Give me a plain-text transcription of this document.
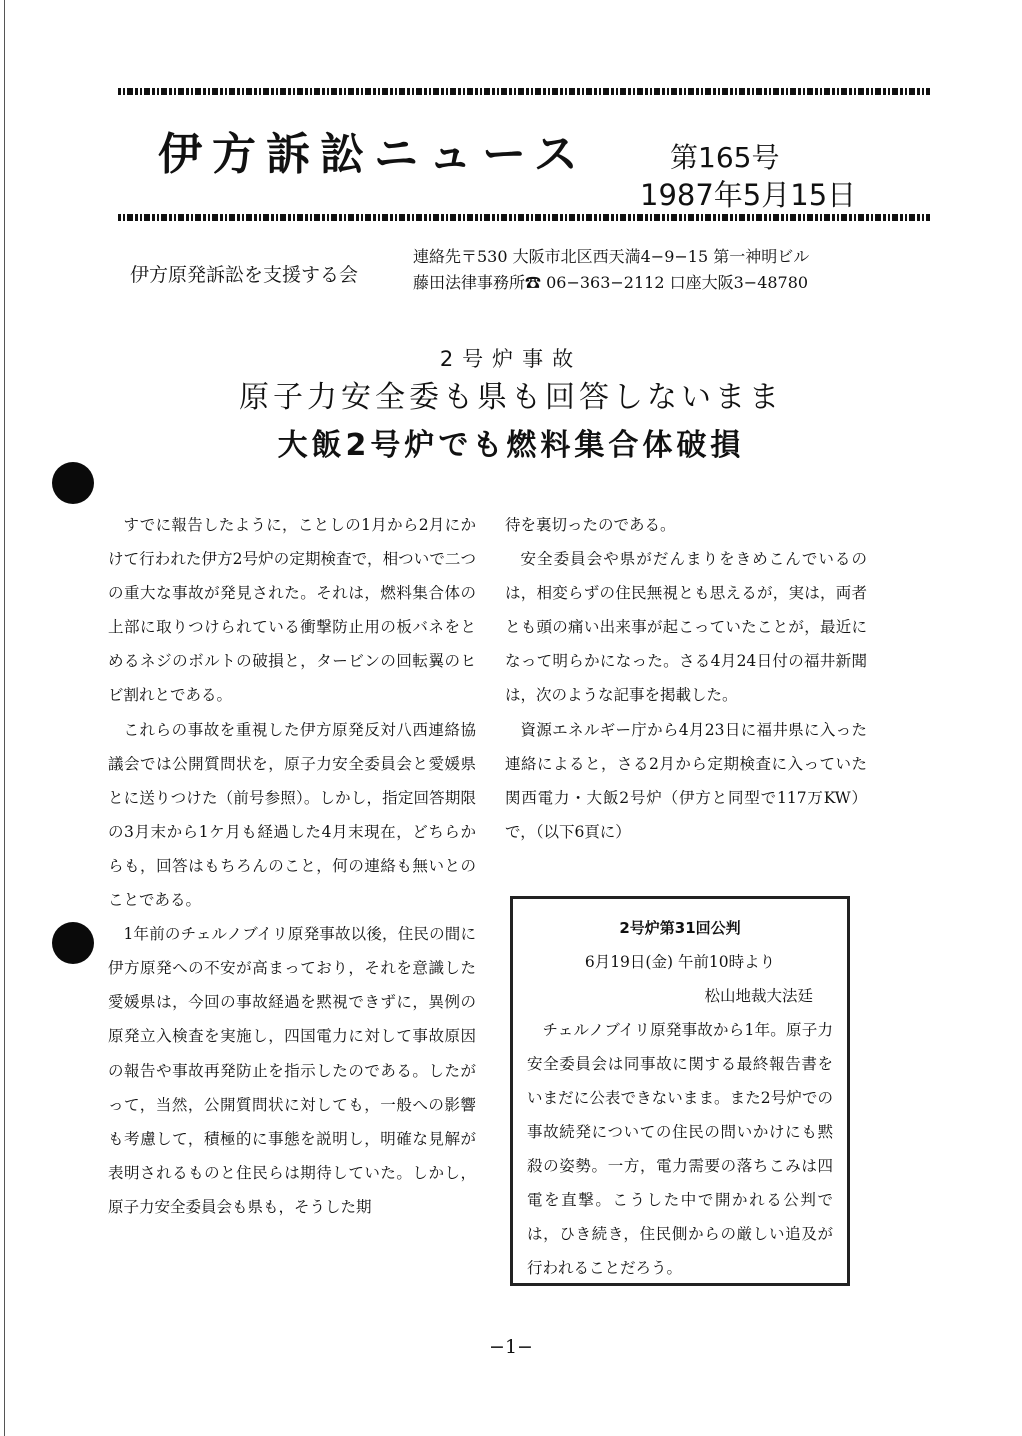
伊方訴訟ニュース	第165号
1987年5月15日
伊方原発訴訟を支援する会
連絡先〒530 大阪市北区西天満4−9−15 第一神明ビル
藤田法律事務所☎ 06−363−2112 口座大阪3−48780
2号炉事故
原子力安全委も県も回答しないまま
大飯2号炉でも燃料集合体破損

すでに報告したように，ことしの1月から2月にかけて行われた伊方2号炉の定期検査で，相ついで二つの重大な事故が発見された。それは，燃料集合体の上部に取りつけられている衝撃防止用の板バネをとめるネジのボルトの破損と，タービンの回転翼のヒビ割れとである。

これらの事故を重視した伊方原発反対八西連絡協議会では公開質問状を，原子力安全委員会と愛媛県とに送りつけた（前号参照）。しかし，指定回答期限の3月末から1ケ月も経過した4月末現在，どちらからも，回答はもちろんのこと，何の連絡も無いとのことである。

1年前のチェルノブイリ原発事故以後，住民の間に伊方原発への不安が高まっており，それを意識した愛媛県は，今回の事故経過を黙視できずに，異例の原発立入検査を実施し，四国電力に対して事故原因の報告や事故再発防止を指示したのである。したがって，当然，公開質問状に対しても，一般への影響も考慮して，積極的に事態を説明し，明確な見解が表明されるものと住民らは期待していた。しかし，原子力安全委員会も県も，そうした期

待を裏切ったのである。

安全委員会や県がだんまりをきめこんでいるのは，相変らずの住民無視とも思えるが，実は，両者とも頭の痛い出来事が起こっていたことが，最近になって明らかになった。さる4月24日付の福井新聞は，次のような記事を掲載した。

資源エネルギー庁から4月23日に福井県に入った連絡によると，さる2月から定期検査に入っていた関西電力・大飯2号炉（伊方と同型で117万KW）で，（以下6頁に）

2号炉第31回公判
6月19日(金) 午前10時より
松山地裁大法廷

チェルノブイリ原発事故から1年。原子力安全委員会は同事故に関する最終報告書をいまだに公表できないまま。また2号炉での事故続発についての住民の問いかけにも黙殺の姿勢。一方，電力需要の落ちこみは四電を直撃。こうした中で開かれる公判では，ひき続き，住民側からの厳しい追及が行われることだろう。

−1−
